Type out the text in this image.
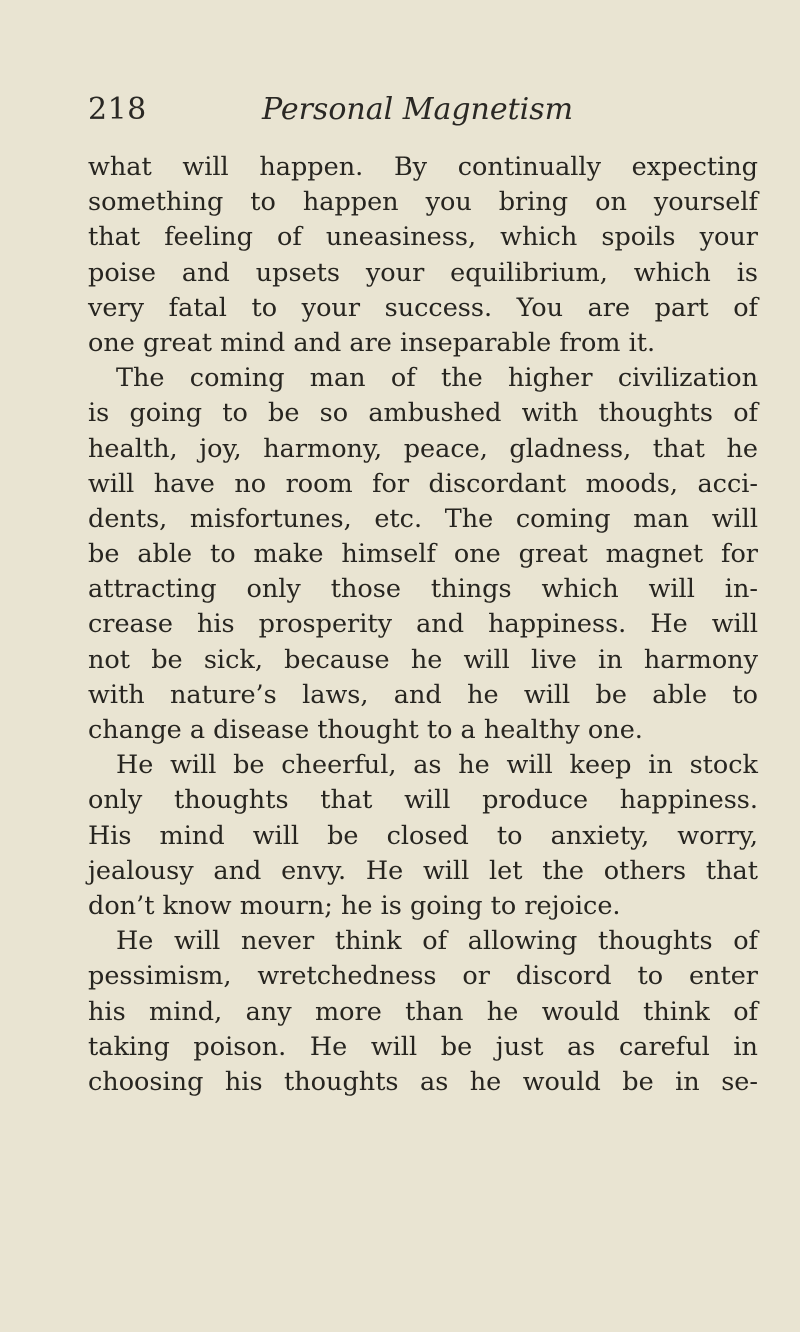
218	Personal Magnetism
what will happen. By continually expecting
something to happen you bring on yourself
that feeling of uneasiness, which spoils your
poise and upsets your equilibrium, which is
very fatal to your success. You are part of
one great mind and are inseparable from it.
The coming man of the higher civilization
is going to be so ambushed with thoughts of
health, joy, harmony, peace, gladness, that he
will have no room for discordant moods, acci-
dents, misfortunes, etc. The coming man will
be able to make himself one great magnet for
attracting only those things which will in-
crease his prosperity and happiness. He will
not be sick, because he will live in harmony
with nature’s laws, and he will be able to
change a disease thought to a healthy one.
He will be cheerful, as he will keep in stock
only thoughts that will produce happiness.
His mind will be closed to anxiety, worry,
jealousy and envy. He will let the others that
don’t know mourn; he is going to rejoice.
He will never think of allowing thoughts of
pessimism, wretchedness or discord to enter
his mind, any more than he would think of
taking poison. He will be just as careful in
choosing his thoughts as he would be in se-
